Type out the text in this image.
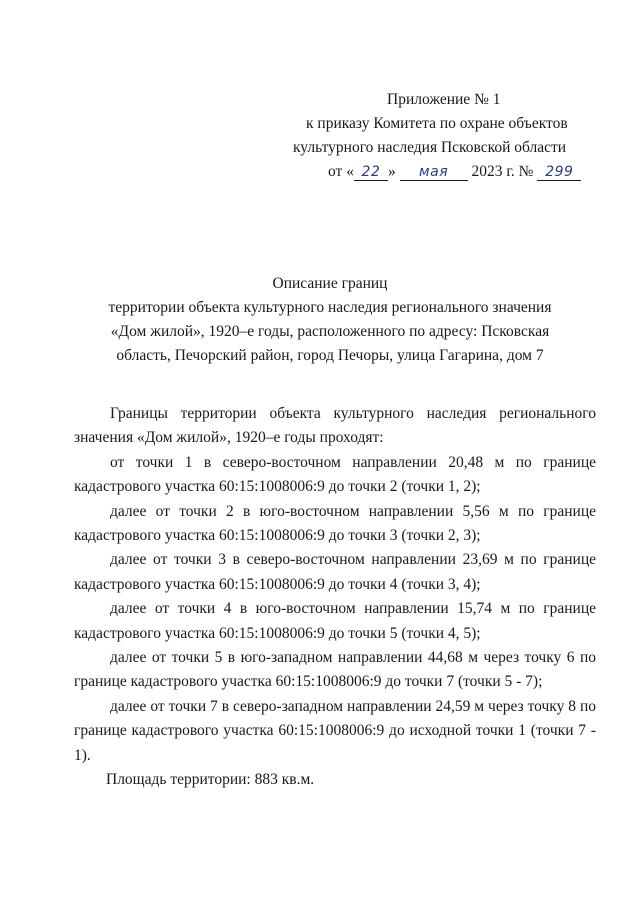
Приложение № 1
к приказу Комитета по охране объектов
культурного наследия Псковской области
от « 22 » мая 2023 г. № 299
Описание границ
территории объекта культурного наследия регионального значения
«Дом жилой», 1920–е годы, расположенного по адресу: Псковская
область, Печорский район, город Печоры, улица Гагарина, дом 7

Границы территории объекта культурного наследия регионального значения «Дом жилой», 1920–е годы проходят:

от точки 1 в северо-восточном направлении 20,48 м по границе кадастрового участка 60:15:1008006:9 до точки 2 (точки 1, 2);

далее от точки 2 в юго-восточном направлении 5,56 м по границе кадастрового участка 60:15:1008006:9 до точки 3 (точки 2, 3);

далее от точки 3 в северо-восточном направлении 23,69 м по границе кадастрового участка 60:15:1008006:9 до точки 4 (точки 3, 4);

далее от точки 4 в юго-восточном направлении 15,74 м по границе кадастрового участка 60:15:1008006:9 до точки 5 (точки 4, 5);

далее от точки 5 в юго-западном направлении 44,68 м через точку 6 по границе кадастрового участка 60:15:1008006:9 до точки 7 (точки 5 - 7);

далее от точки 7 в северо-западном направлении 24,59 м через точку 8 по границе кадастрового участка 60:15:1008006:9 до исходной точки 1 (точки 7 - 1).

Площадь территории: 883 кв.м.
